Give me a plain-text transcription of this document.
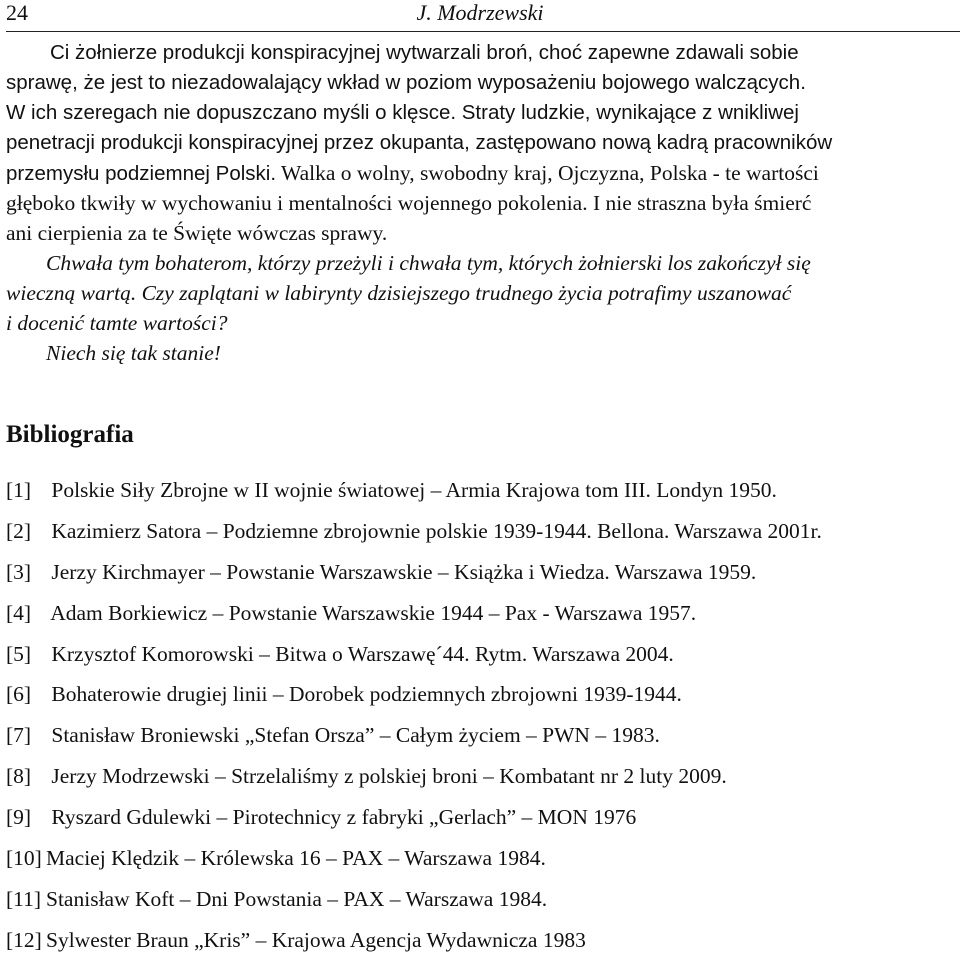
24	J. Modrzewski
Ci żołnierze produkcji konspiracyjnej wytwarzali broń, choć zapewne zdawali sobie
sprawę, że jest to niezadowalający wkład w poziom wyposażeniu bojowego walczących.
W ich szeregach nie dopuszczano myśli o klęsce. Straty ludzkie, wynikające z wnikliwej
penetracji produkcji konspiracyjnej przez okupanta, zastępowano nową kadrą pracowników
przemysłu podziemnej Polski. Walka o wolny, swobodny kraj, Ojczyzna, Polska - te wartości
głęboko tkwiły w wychowaniu i mentalności wojennego pokolenia. I nie straszna była śmierć
ani cierpienia za te Święte wówczas sprawy.
Chwała tym bohaterom, którzy przeżyli i chwała tym, których żołnierski los zakończył się
wieczną wartą. Czy zaplątani w labirynty dzisiejszego trudnego życia potrafimy uszanować
i docenić tamte wartości?
Niech się tak stanie!
Bibliografia
[1] Polskie Siły Zbrojne w II wojnie światowej – Armia Krajowa tom III. Londyn 1950.
[2] Kazimierz Satora – Podziemne zbrojownie polskie 1939-1944. Bellona. Warszawa 2001r.
[3] Jerzy Kirchmayer – Powstanie Warszawskie – Książka i Wiedza. Warszawa 1959.
[4] Adam Borkiewicz – Powstanie Warszawskie 1944 – Pax - Warszawa 1957.
[5] Krzysztof Komorowski – Bitwa o Warszawę´44. Rytm. Warszawa 2004.
[6] Bohaterowie drugiej linii – Dorobek podziemnych zbrojowni 1939-1944.
[7] Stanisław Broniewski „Stefan Orsza” – Całym życiem – PWN – 1983.
[8] Jerzy Modrzewski – Strzelaliśmy z polskiej broni – Kombatant nr 2 luty 2009.
[9] Ryszard Gdulewki – Pirotechnicy z fabryki „Gerlach” – MON 1976
[10] Maciej Klędzik – Królewska 16 – PAX – Warszawa 1984.
[11] Stanisław Koft – Dni Powstania – PAX – Warszawa 1984.
[12] Sylwester Braun „Kris” – Krajowa Agencja Wydawnicza 1983
